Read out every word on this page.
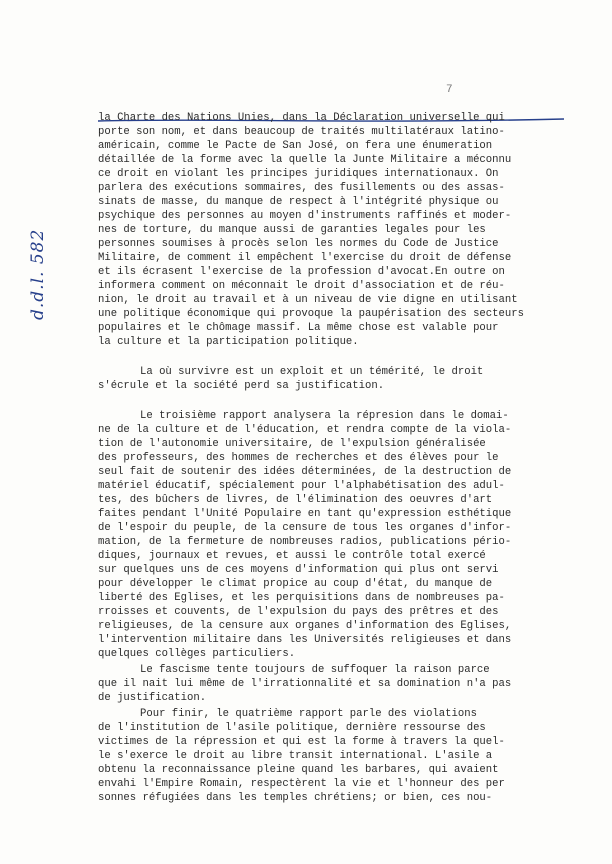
7
d.d.l. 582
la Charte des Nations Unies, dans la Déclaration universelle qui
porte son nom, et dans beaucoup de traités multilatéraux latino-
américain, comme le Pacte de San José, on fera une énumeration
détaillée de la forme avec la quelle la Junte Militaire a méconnu
ce droit en violant les principes juridiques internationaux. On
parlera des exécutions sommaires, des fusillements ou des assas-
sinats de masse, du manque de respect à l'intégrité physique ou
psychique des personnes au moyen d'instruments raffinés et moder-
nes de torture, du manque aussi de garanties legales pour les
personnes soumises à procès selon les normes du Code de Justice
Militaire, de comment il empêchent l'exercise du droit de défense
et ils écrasent l'exercise de la profession d'avocat.En outre on
informera comment on méconnait le droit d'association et de réu-
nion, le droit au travail et à un niveau de vie digne en utilisant
une politique économique qui provoque la paupérisation des secteurs
populaires et le chômage massif. La même chose est valable pour
la culture et la participation politique.
La où survivre est un exploit et un témérité, le droit
s'écrule et la société perd sa justification.
Le troisième rapport analysera la répresion dans le domai-
ne de la culture et de l'éducation, et rendra compte de la viola-
tion de l'autonomie universitaire, de l'expulsion généralisée
des professeurs, des hommes de recherches et des élèves pour le
seul fait de soutenir des idées déterminées, de la destruction de
matériel éducatif, spécialement pour l'alphabétisation des adul-
tes, des bûchers de livres, de l'élimination des oeuvres d'art
faites pendant l'Unité Populaire en tant qu'expression esthétique
de l'espoir du peuple, de la censure de tous les organes d'infor-
mation, de la fermeture de nombreuses radios, publications pério-
diques, journaux et revues, et aussi le contrôle total exercé
sur quelques uns de ces moyens d'information qui plus ont servi
pour développer le climat propice au coup d'état, du manque de
liberté des Eglises, et les perquisitions dans de nombreuses pa-
rroisses et couvents, de l'expulsion du pays des prêtres et des
religieuses, de la censure aux organes d'information des Eglises,
l'intervention militaire dans les Universités religieuses et dans
quelques collèges particuliers.
Le fascisme tente toujours de suffoquer la raison parce
que il nait lui même de l'irrationnalité et sa domination n'a pas
de justification.
Pour finir, le quatrième rapport parle des violations
de l'institution de l'asile politique, dernière ressourse des
victimes de la répression et qui est la forme à travers la quel-
le s'exerce le droit au libre transit international. L'asile a
obtenu la reconnaissance pleine quand les barbares, qui avaient
envahi l'Empire Romain, respectèrent la vie et l'honneur des per
sonnes réfugiées dans les temples chrétiens; or bien, ces nou-
